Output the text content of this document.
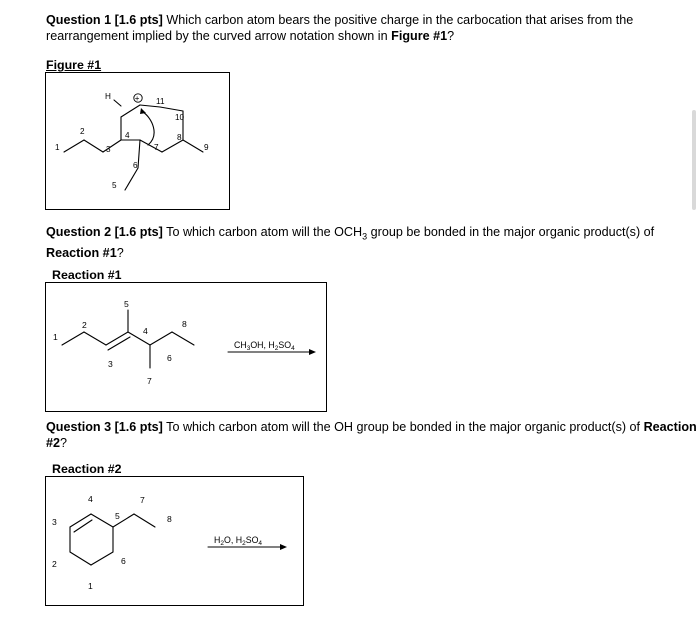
Question 1 [1.6 pts] Which carbon atom bears the positive charge in the carbocation that arises from the rearrangement implied by the curved arrow notation shown in Figure #1?
Figure #1
1
2
3
4
5
6
7
8
9
10
11
H	+
Question 2 [1.6 pts] To which carbon atom will the $OCH_3$ group be bonded in the major organic product(s) of Reaction #1?
Reaction #1
1
2
3
4
5
6
7
8
$CH_3OH$, $H_2SO_4$
Question 3 [1.6 pts] To which carbon atom will the OH group be bonded in the major organic product(s) of Reaction #2?
Reaction #2
1
2
3
4
5
6
7
8
$H_2O$, $H_2SO_4$
